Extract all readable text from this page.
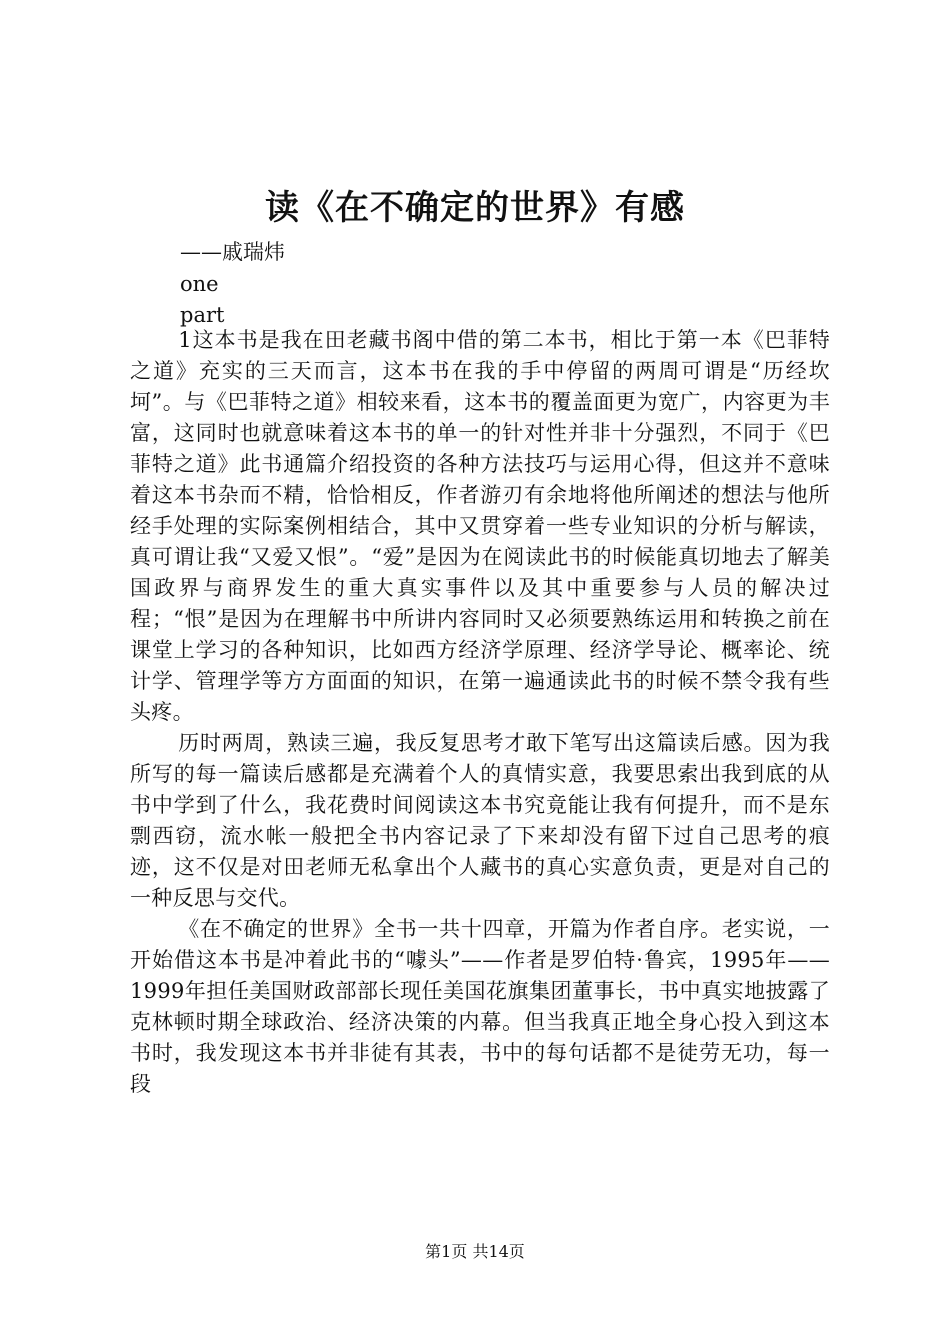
读《在不确定的世界》有感
——戚瑞炜
one
part

1这本书是我在田老藏书阁中借的第二本书，相比于第一本《巴菲特之道》充实的三天而言，这本书在我的手中停留的两周可谓是“历经坎坷”。与《巴菲特之道》相较来看，这本书的覆盖面更为宽广，内容更为丰富，这同时也就意味着这本书的单一的针对性并非十分强烈，不同于《巴菲特之道》此书通篇介绍投资的各种方法技巧与运用心得，但这并不意味着这本书杂而不精，恰恰相反，作者游刃有余地将他所阐述的想法与他所经手处理的实际案例相结合，其中又贯穿着一些专业知识的分析与解读，真可谓让我“又爱又恨”。“爱”是因为在阅读此书的时候能真切地去了解美国政界与商界发生的重大真实事件以及其中重要参与人员的解决过程；“恨”是因为在理解书中所讲内容同时又必须要熟练运用和转换之前在课堂上学习的各种知识，比如西方经济学原理、经济学导论、概率论、统计学、管理学等方方面面的知识，在第一遍通读此书的时候不禁令我有些头疼。

历时两周，熟读三遍，我反复思考才敢下笔写出这篇读后感。因为我所写的每一篇读后感都是充满着个人的真情实意，我要思索出我到底的从书中学到了什么，我花费时间阅读这本书究竟能让我有何提升，而不是东剽西窃，流水帐一般把全书内容记录了下来却没有留下过自己思考的痕迹，这不仅是对田老师无私拿出个人藏书的真心实意负责，更是对自己的一种反思与交代。

《在不确定的世界》全书一共十四章，开篇为作者自序。老实说，一开始借这本书是冲着此书的“噱头”——作者是罗伯特·鲁宾，1995年——1999年担任美国财政部部长现任美国花旗集团董事长，书中真实地披露了克林顿时期全球政治、经济决策的内幕。但当我真正地全身心投入到这本书时，我发现这本书并非徒有其表，书中的每句话都不是徒劳无功，每一段

第1页 共14页
